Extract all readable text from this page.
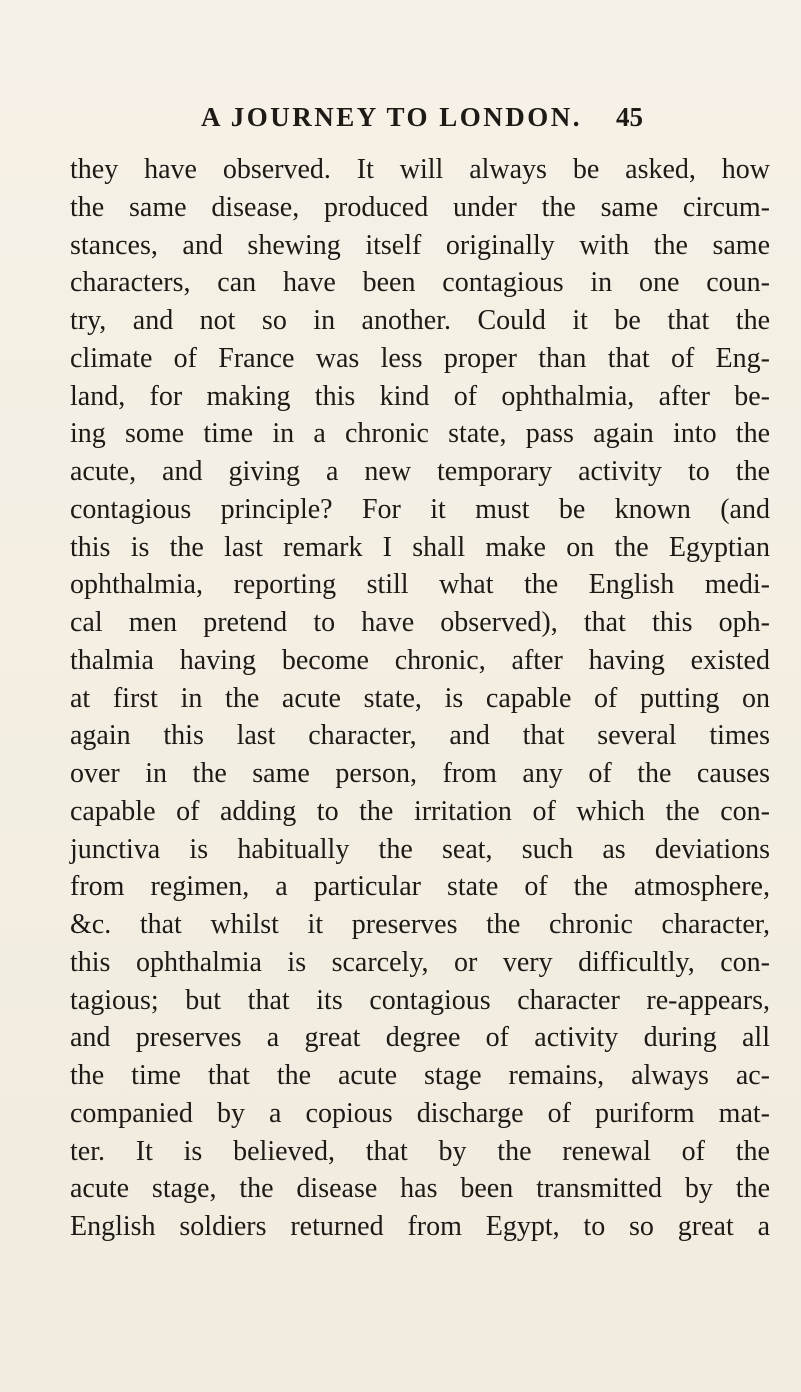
A JOURNEY TO LONDON. 45
they have observed. It will always be asked, how
the same disease, produced under the same circum-
stances, and shewing itself originally with the same
characters, can have been contagious in one coun-
try, and not so in another. Could it be that the
climate of France was less proper than that of Eng-
land, for making this kind of ophthalmia, after be-
ing some time in a chronic state, pass again into the
acute, and giving a new temporary activity to the
contagious principle? For it must be known (and
this is the last remark I shall make on the Egyptian
ophthalmia, reporting still what the English medi-
cal men pretend to have observed), that this oph-
thalmia having become chronic, after having existed
at first in the acute state, is capable of putting on
again this last character, and that several times
over in the same person, from any of the causes
capable of adding to the irritation of which the con-
junctiva is habitually the seat, such as deviations
from regimen, a particular state of the atmosphere,
&c. that whilst it preserves the chronic character,
this ophthalmia is scarcely, or very difficultly, con-
tagious; but that its contagious character re-appears,
and preserves a great degree of activity during all
the time that the acute stage remains, always ac-
companied by a copious discharge of puriform mat-
ter. It is believed, that by the renewal of the
acute stage, the disease has been transmitted by the
English soldiers returned from Egypt, to so great a
